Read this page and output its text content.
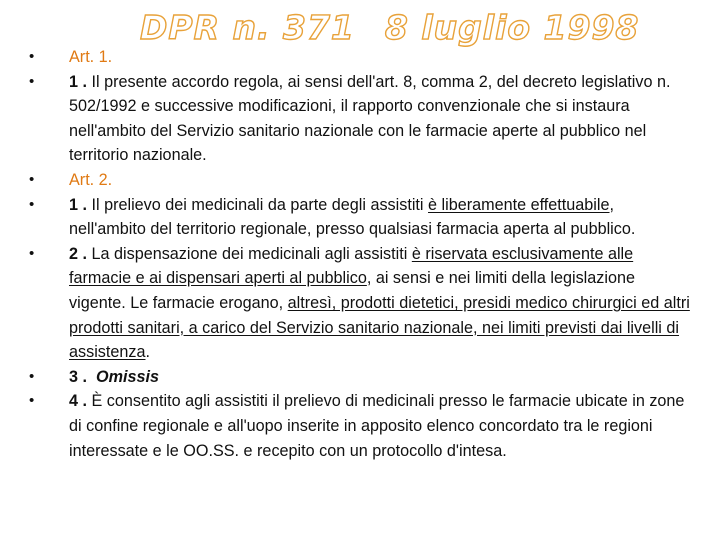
DPR n. 371 8 luglio 1998
• Art. 1.
• 1 . Il presente accordo regola, ai sensi dell'art. 8, comma 2, del decreto legislativo n. 502/1992 e successive modificazioni, il rapporto convenzionale che si instaura nell'ambito del Servizio sanitario nazionale con le farmacie aperte al pubblico nel territorio nazionale.
• Art. 2.
• 1 . Il prelievo dei medicinali da parte degli assistiti è liberamente effettuabile, nell'ambito del territorio regionale, presso qualsiasi farmacia aperta al pubblico.
• 2 . La dispensazione dei medicinali agli assistiti è riservata esclusivamente alle farmacie e ai dispensari aperti al pubblico, ai sensi e nei limiti della legislazione vigente. Le farmacie erogano, altresì, prodotti dietetici, presidi medico chirurgici ed altri prodotti sanitari, a carico del Servizio sanitario nazionale, nei limiti previsti dai livelli di assistenza.
• 3 . Omissis
• 4 . È consentito agli assistiti il prelievo di medicinali presso le farmacie ubicate in zone di confine regionale e all'uopo inserite in apposito elenco concordato tra le regioni interessate e le OO.SS. e recepito con un protocollo d'intesa.
